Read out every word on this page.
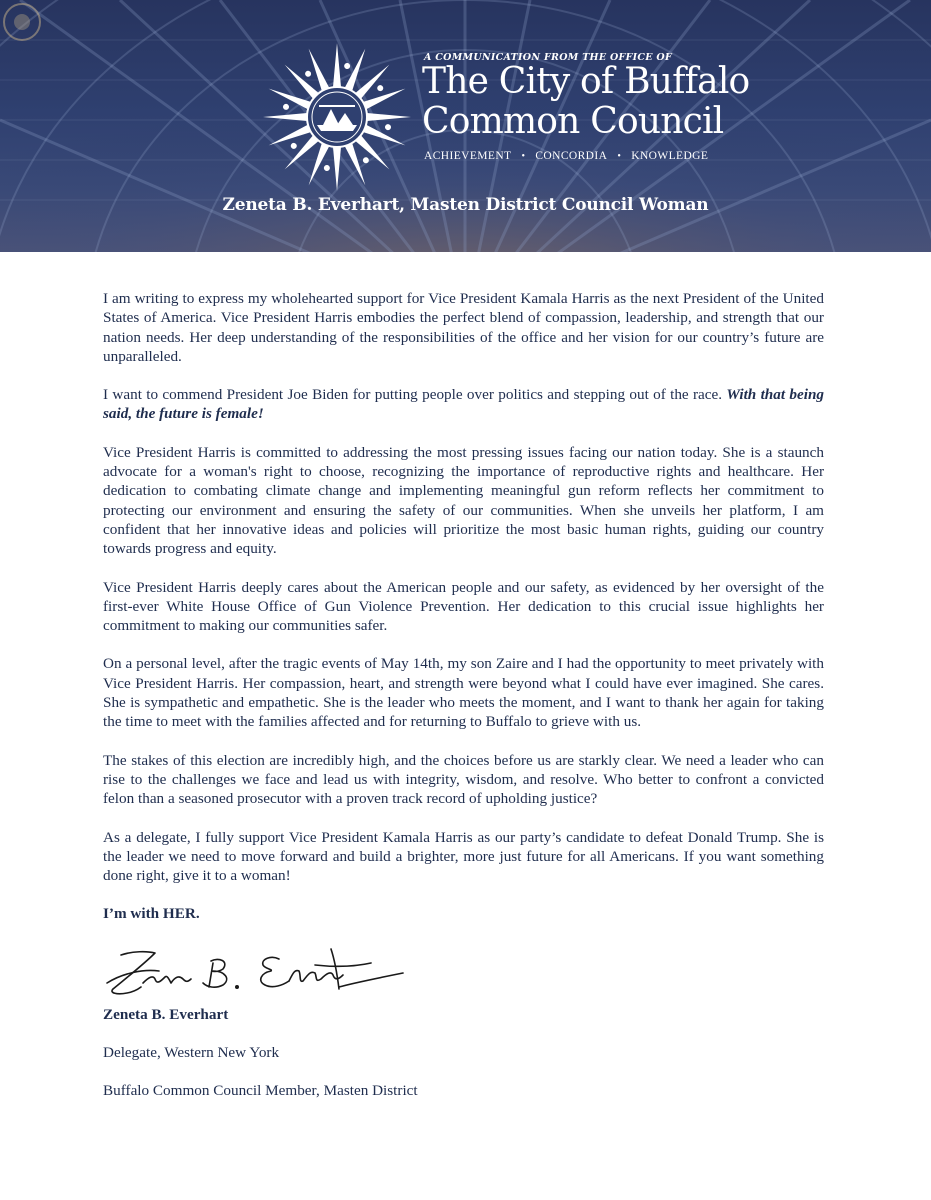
A COMMUNICATION FROM THE OFFICE OF
The City of Buffalo
Common Council
ACHIEVEMENT • CONCORDIA • KNOWLEDGE
Zeneta B. Everhart, Masten District Council Woman

I am writing to express my wholehearted support for Vice President Kamala Harris as the next President of the United States of America. Vice President Harris embodies the perfect blend of compassion, leadership, and strength that our nation needs. Her deep understanding of the responsibilities of the office and her vision for our country’s future are unparalleled.

I want to commend President Joe Biden for putting people over politics and stepping out of the race. With that being said, the future is female!

Vice President Harris is committed to addressing the most pressing issues facing our nation today. She is a staunch advocate for a woman's right to choose, recognizing the importance of reproductive rights and healthcare. Her dedication to combating climate change and implementing meaningful gun reform reflects her commitment to protecting our environment and ensuring the safety of our communities. When she unveils her platform, I am confident that her innovative ideas and policies will prioritize the most basic human rights, guiding our country towards progress and equity.

Vice President Harris deeply cares about the American people and our safety, as evidenced by her oversight of the first-ever White House Office of Gun Violence Prevention. Her dedication to this crucial issue highlights her commitment to making our communities safer.

On a personal level, after the tragic events of May 14th, my son Zaire and I had the opportunity to meet privately with Vice President Harris. Her compassion, heart, and strength were beyond what I could have ever imagined. She cares. She is sympathetic and empathetic. She is the leader who meets the moment, and I want to thank her again for taking the time to meet with the families affected and for returning to Buffalo to grieve with us.

The stakes of this election are incredibly high, and the choices before us are starkly clear. We need a leader who can rise to the challenges we face and lead us with integrity, wisdom, and resolve. Who better to confront a convicted felon than a seasoned prosecutor with a proven track record of upholding justice?

As a delegate, I fully support Vice President Kamala Harris as our party’s candidate to defeat Donald Trump. She is the leader we need to move forward and build a brighter, more just future for all Americans. If you want something done right, give it to a woman!

I’m with HER.

Zeneta B. Everhart

Delegate, Western New York

Buffalo Common Council Member, Masten District
